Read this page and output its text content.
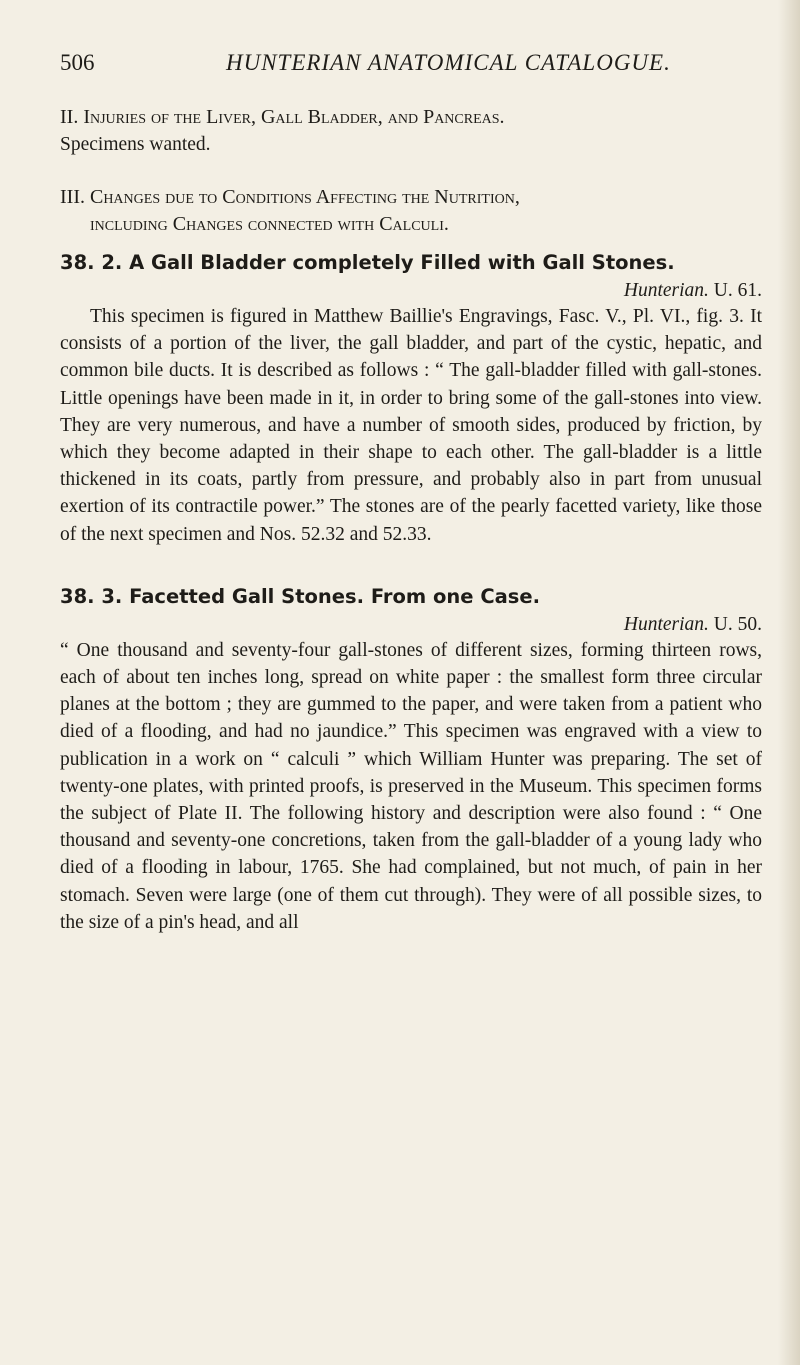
506	HUNTERIAN ANATOMICAL CATALOGUE.

II. Injuries of the Liver, Gall Bladder, and Pancreas.

Specimens wanted.

III. Changes due to Conditions Affecting the Nutrition,

including Changes connected with Calculi.

38. 2. A Gall Bladder completely Filled with Gall Stones.

Hunterian. U. 61.

This specimen is figured in Matthew Baillie's Engravings, Fasc. V., Pl. VI., fig. 3. It consists of a portion of the liver, the gall bladder, and part of the cystic, hepatic, and common bile ducts. It is described as follows : “ The gall-bladder filled with gall-stones. Little openings have been made in it, in order to bring some of the gall-stones into view. They are very numerous, and have a number of smooth sides, produced by friction, by which they become adapted in their shape to each other. The gall-bladder is a little thickened in its coats, partly from pressure, and probably also in part from unusual exertion of its contractile power.” The stones are of the pearly facetted variety, like those of the next specimen and Nos. 52.32 and 52.33.

38. 3. Facetted Gall Stones. From one Case.

Hunterian. U. 50.

“ One thousand and seventy-four gall-stones of different sizes, forming thirteen rows, each of about ten inches long, spread on white paper : the smallest form three circular planes at the bottom ; they are gummed to the paper, and were taken from a patient who died of a flooding, and had no jaundice.” This specimen was engraved with a view to publication in a work on “ calculi ” which William Hunter was preparing. The set of twenty-one plates, with printed proofs, is preserved in the Museum. This specimen forms the subject of Plate II. The following history and description were also found : “ One thousand and seventy-one concretions, taken from the gall-bladder of a young lady who died of a flooding in labour, 1765. She had complained, but not much, of pain in her stomach. Seven were large (one of them cut through). They were of all possible sizes, to the size of a pin's head, and all
